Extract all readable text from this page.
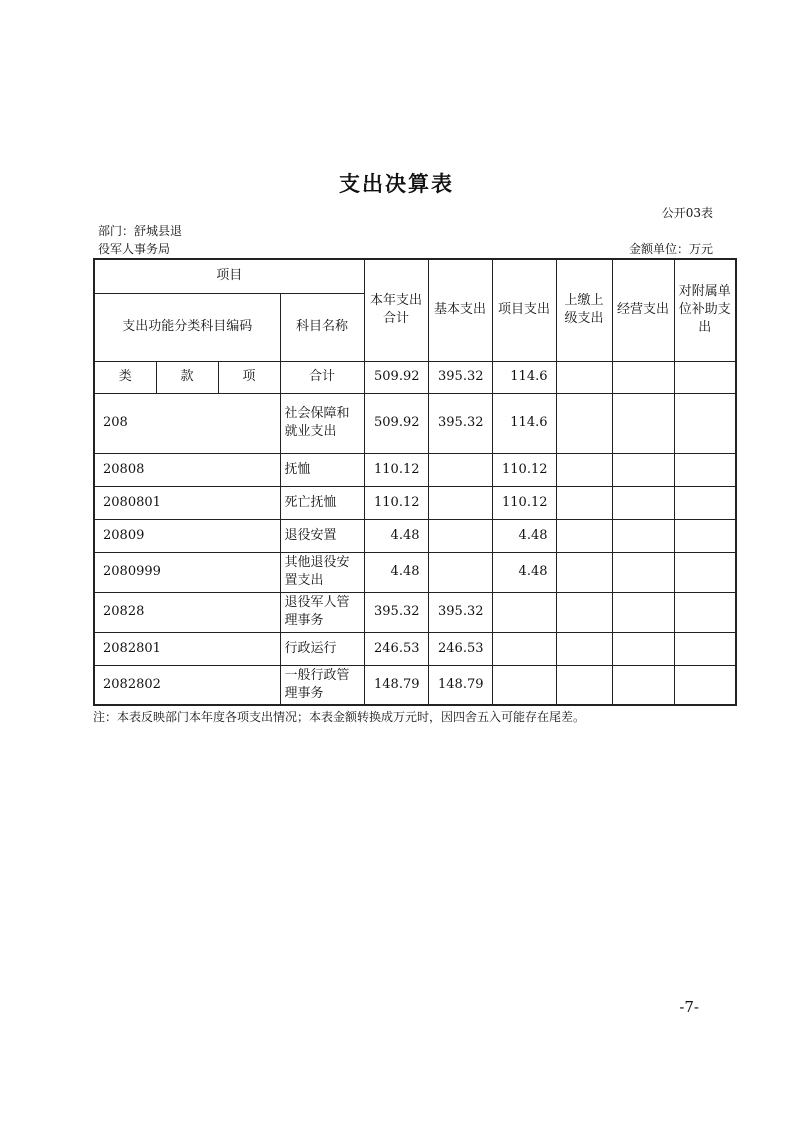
支出决算表
公开03表
部门：舒城县退
役军人事务局	金额单位：万元
项目				本年支出合计	基本支出	项目支出	上缴上级支出	经营支出	对附属单位补助支出
支出功能分类科目编码			科目名称						
类	款	项	合计	509.92	395.32	114.6			
208			社会保障和就业支出	509.92	395.32	114.6			
20808			抚恤	110.12		110.12			
2080801			死亡抚恤	110.12		110.12			
20809			退役安置	4.48		4.48			
2080999			其他退役安置支出	4.48		4.48			
20828			退役军人管理事务	395.32	395.32				
2082801			行政运行	246.53	246.53				
2082802			一般行政管理事务	148.79	148.79				
注：本表反映部门本年度各项支出情况；本表金额转换成万元时，因四舍五入可能存在尾差。
-7-
